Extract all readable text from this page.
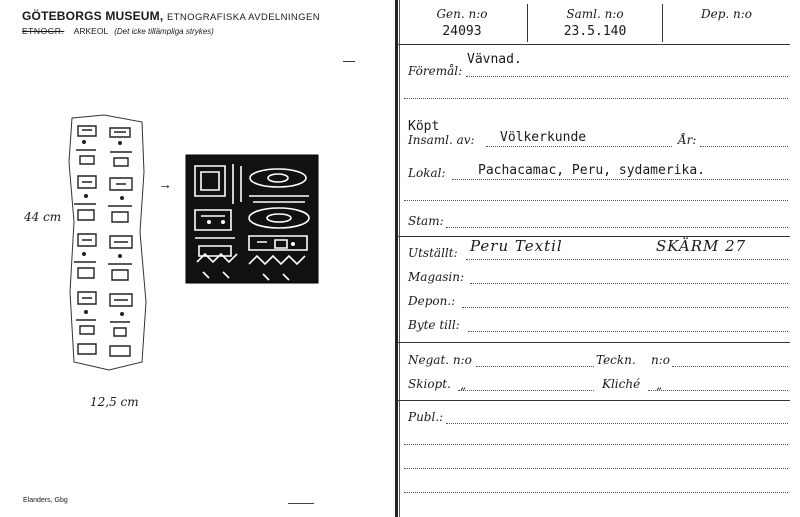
GÖTEBORGS MUSEUM, ETNOGRAFISKA AVDELNINGEN
ETNOGR. ARKEOL (Det icke tillämpliga strykes)
44 cm
12,5 cm
→
Elanders, Gbg
Gen. n:o
24093
Saml. n:o
23.5.140
Dep. n:o
Föremål:
Vävnad.
Köpt
Insaml. av: Völkerkunde	År:
Lokal:	Pachacamac, Peru, sydamerika.
Stam:
Utställt: Peru Textil	SKÄRM 27
Magasin:
Depon.:
Byte till:
Negat. n:o	Teckn. n:o
Skiopt. „	Kliché „
Publ.:
